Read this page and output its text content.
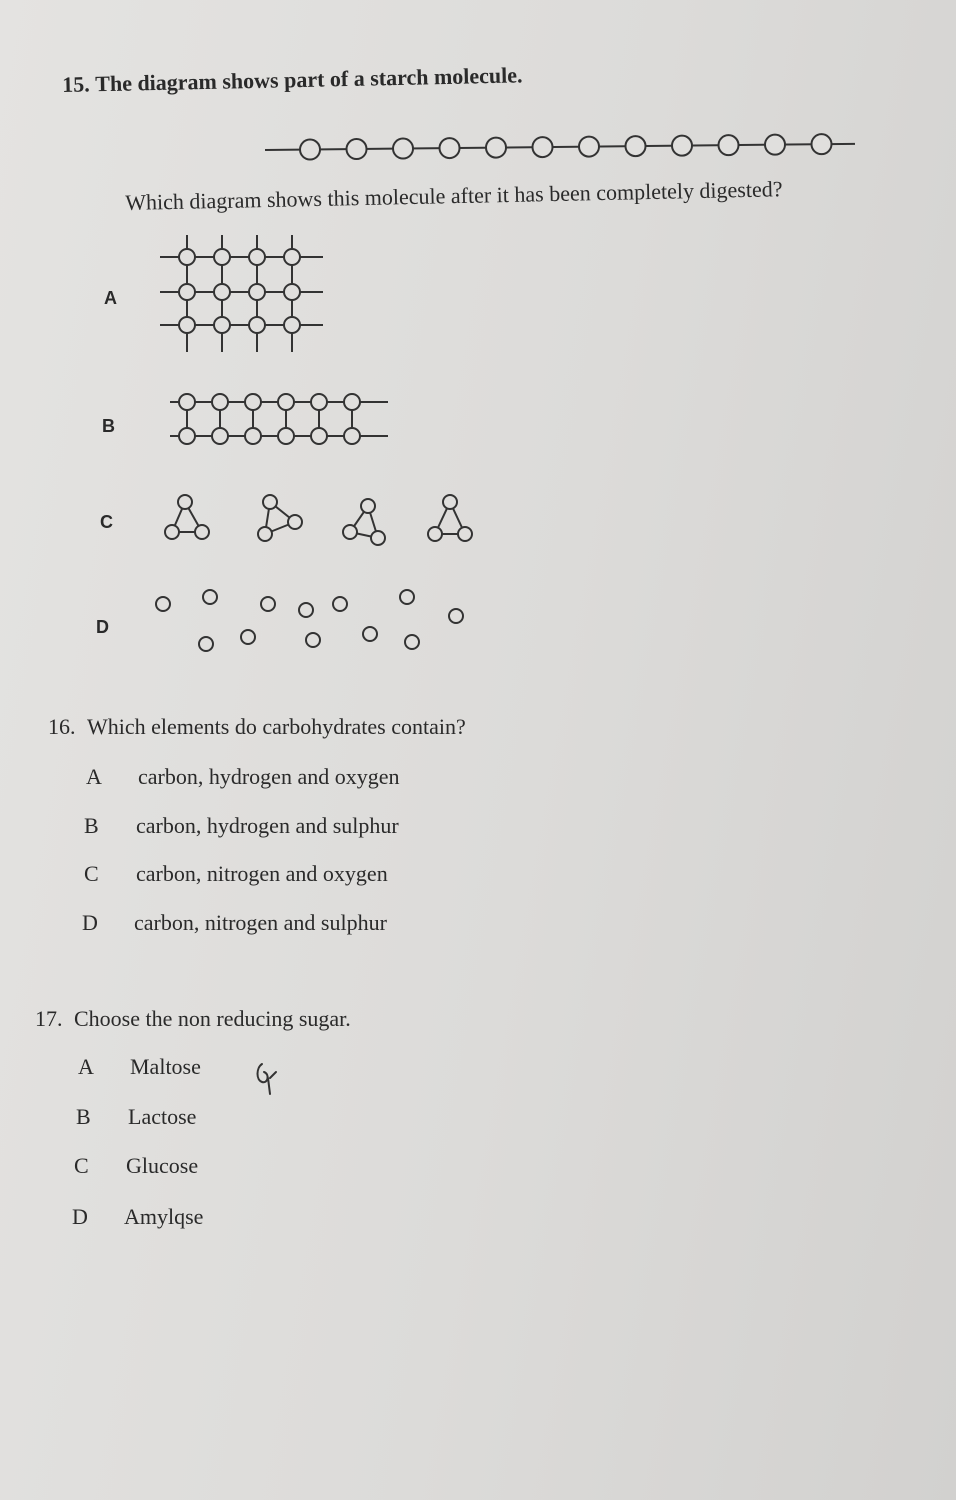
15. The diagram shows part of a starch molecule.
Which diagram shows this molecule after it has been completely digested?
A
B
C
D
16. Which elements do carbohydrates contain?
A carbon, hydrogen and oxygen
B carbon, hydrogen and sulphur
C carbon, nitrogen and oxygen
D carbon, nitrogen and sulphur
17. Choose the non reducing sugar.
A Maltose
B Lactose
C Glucose
D Amylqse
